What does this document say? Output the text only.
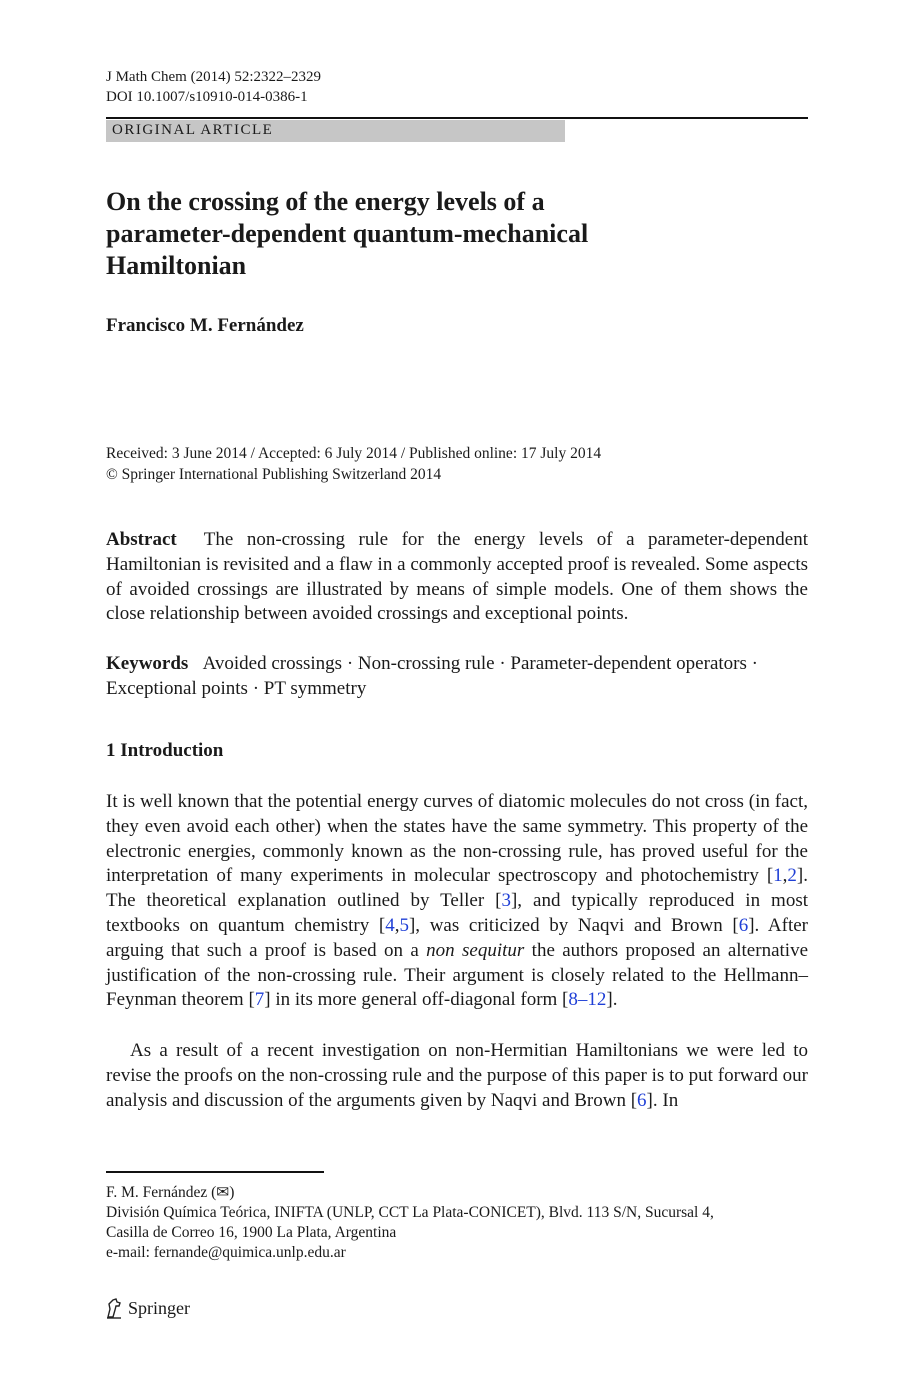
J Math Chem (2014) 52:2322–2329
DOI 10.1007/s10910-014-0386-1
ORIGINAL ARTICLE
On the crossing of the energy levels of a
parameter-dependent quantum-mechanical
Hamiltonian
Francisco M. Fernández
Received: 3 June 2014 / Accepted: 6 July 2014 / Published online: 17 July 2014
© Springer International Publishing Switzerland 2014
Abstract The non-crossing rule for the energy levels of a parameter-dependent Hamiltonian is revisited and a flaw in a commonly accepted proof is revealed. Some aspects of avoided crossings are illustrated by means of simple models. One of them shows the close relationship between avoided crossings and exceptional points.
Keywords Avoided crossings · Non-crossing rule · Parameter-dependent operators · Exceptional points · PT symmetry
1 Introduction
It is well known that the potential energy curves of diatomic molecules do not cross (in fact, they even avoid each other) when the states have the same symmetry. This property of the electronic energies, commonly known as the non-crossing rule, has proved useful for the interpretation of many experiments in molecular spectroscopy and photochemistry [1,2]. The theoretical explanation outlined by Teller [3], and typically reproduced in most textbooks on quantum chemistry [4,5], was criticized by Naqvi and Brown [6]. After arguing that such a proof is based on a non sequitur the authors proposed an alternative justification of the non-crossing rule. Their argument is closely related to the Hellmann–Feynman theorem [7] in its more general off-diagonal form [8–12].
As a result of a recent investigation on non-Hermitian Hamiltonians we were led to revise the proofs on the non-crossing rule and the purpose of this paper is to put forward our analysis and discussion of the arguments given by Naqvi and Brown [6]. In
F. M. Fernández (✉)
División Química Teórica, INIFTA (UNLP, CCT La Plata-CONICET), Blvd. 113 S/N, Sucursal 4,
Casilla de Correo 16, 1900 La Plata, Argentina
e-mail: fernande@quimica.unlp.edu.ar
Springer
